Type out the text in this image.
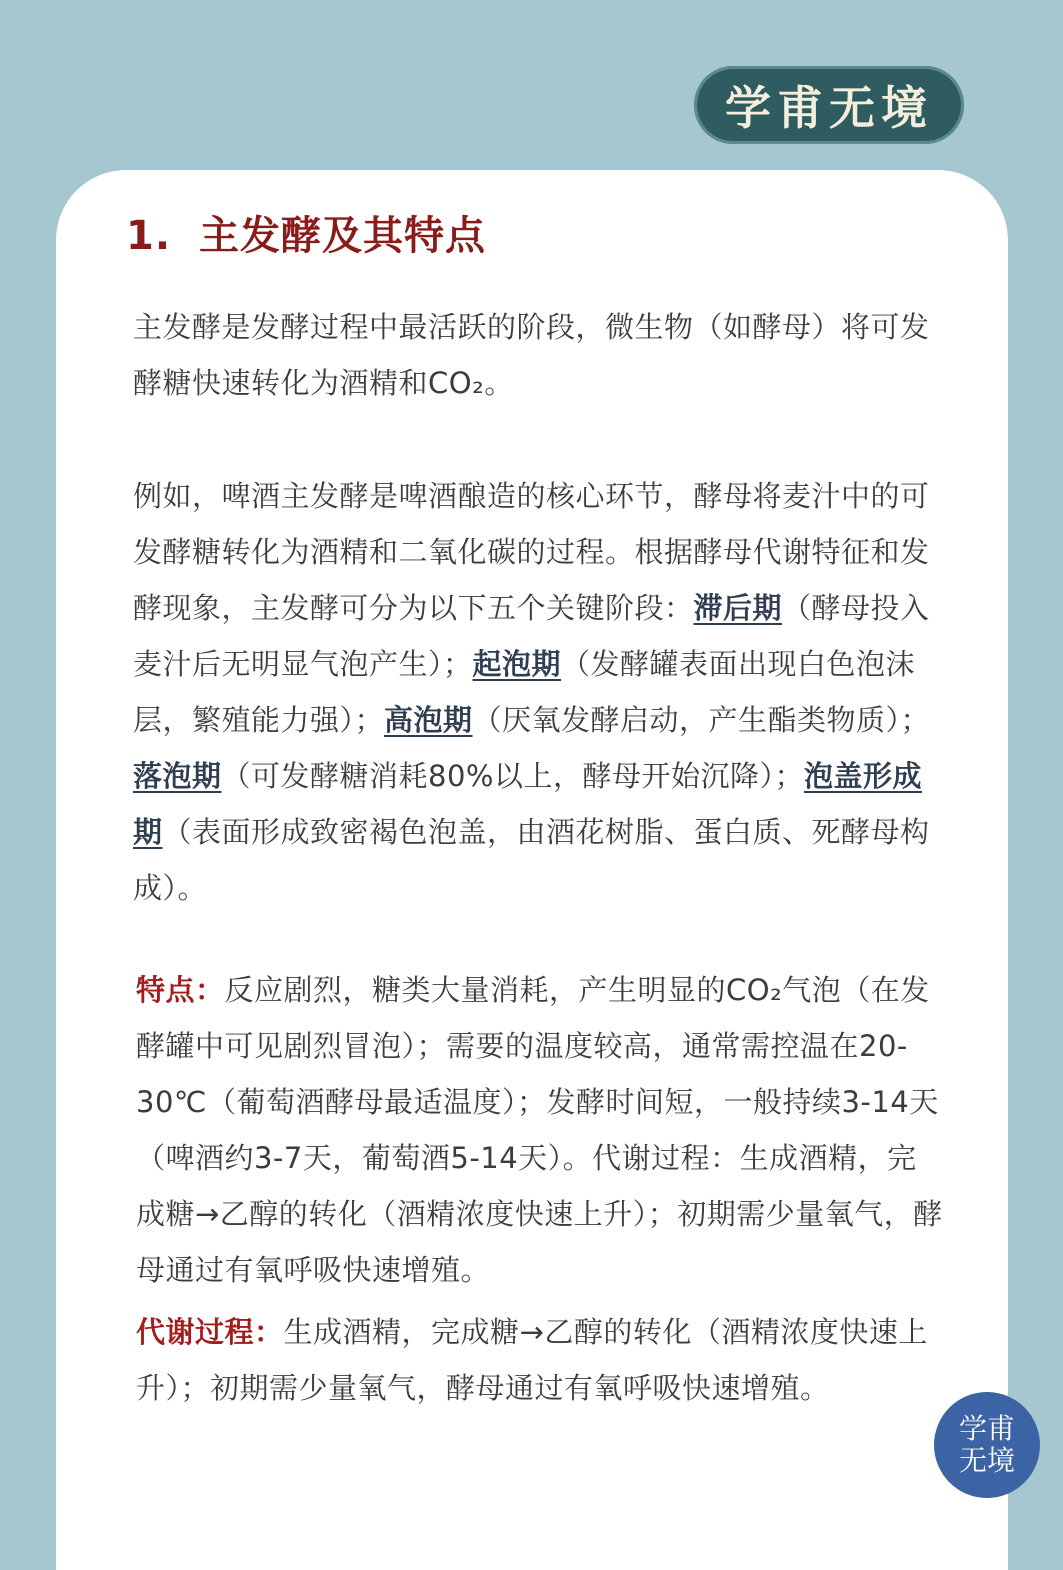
学甫无境
1. 主发酵及其特点

主发酵是发酵过程中最活跃的阶段，微生物（如酵母）将可发酵糖快速转化为酒精和CO₂。

例如，啤酒主发酵是啤酒酿造的核心环节，酵母将麦汁中的可发酵糖转化为酒精和二氧化碳的过程。根据酵母代谢特征和发酵现象，主发酵可分为以下五个关键阶段：滞后期（酵母投入麦汁后无明显气泡产生）；起泡期（发酵罐表面出现白色泡沫层，繁殖能力强）；高泡期（厌氧发酵启动，产生酯类物质）；落泡期（可发酵糖消耗80%以上，酵母开始沉降）；泡盖形成期（表面形成致密褐色泡盖，由酒花树脂、蛋白质、死酵母构成）。

特点：反应剧烈，糖类大量消耗，产生明显的CO₂气泡（在发酵罐中可见剧烈冒泡）；需要的温度较高，通常需控温在20-30℃（葡萄酒酵母最适温度）；发酵时间短，一般持续3-14天（啤酒约3-7天，葡萄酒5-14天）。代谢过程：生成酒精，完成糖→乙醇的转化（酒精浓度快速上升）；初期需少量氧气，酵母通过有氧呼吸快速增殖。

代谢过程：生成酒精，完成糖→乙醇的转化（酒精浓度快速上升）；初期需少量氧气，酵母通过有氧呼吸快速增殖。

学甫
无境
